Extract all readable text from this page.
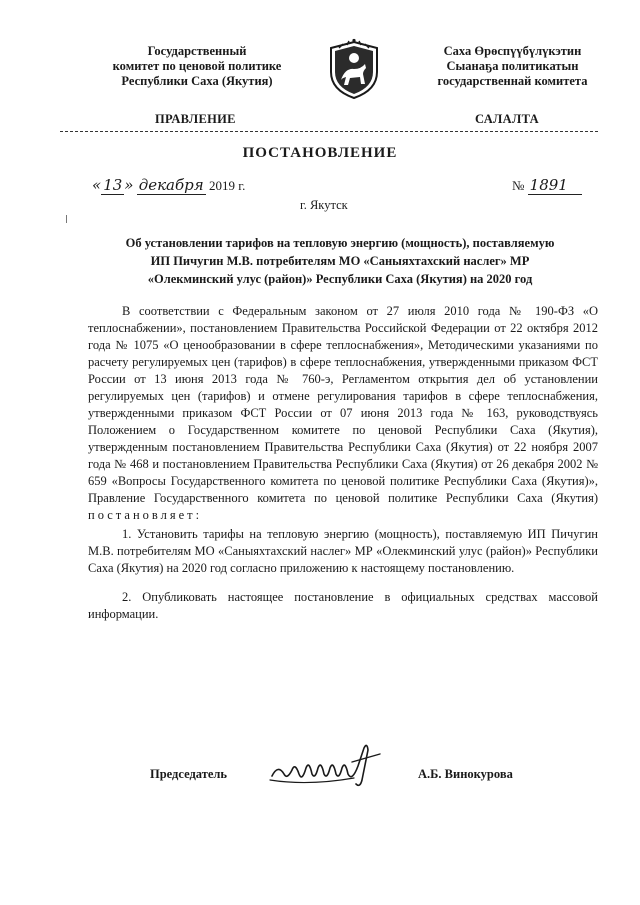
Государственный
комитет по ценовой политике
Республики Саха (Якутия)
Саха Өрөспүүбүлүкэтин
Сыанаҕа политикатын
государственнай комитета
ПРАВЛЕНИЕ	САЛАЛТА
ПОСТАНОВЛЕНИЕ
« 13 » декабря 2019 г.	№ 1891
г. Якутск
Об установлении тарифов на тепловую энергию (мощность), поставляемую
ИП Пичугин М.В. потребителям МО «Саныяхтахский наслег» МР
«Олекминский улус (район)» Республики Саха (Якутия) на 2020 год

В соответствии с Федеральным законом от 27 июля 2010 года № 190-ФЗ «О теплоснабжении», постановлением Правительства Российской Федерации от 22 октября 2012 года № 1075 «О ценообразовании в сфере теплоснабжения», Методическими указаниями по расчету регулируемых цен (тарифов) в сфере теплоснабжения, утвержденными приказом ФСТ России от 13 июня 2013 года № 760-э, Регламентом открытия дел об установлении регулируемых цен (тарифов) и отмене регулирования тарифов в сфере теплоснабжения, утвержденными приказом ФСТ России от 07 июня 2013 года № 163, руководствуясь Положением о Государственном комитете по ценовой Республики Саха (Якутия), утвержденным постановлением Правительства Республики Саха (Якутия) от 22 ноября 2007 года № 468 и постановлением Правительства Республики Саха (Якутия) от 26 декабря 2002 № 659 «Вопросы Государственного комитета по ценовой политике Республики Саха (Якутия)», Правление Государственного комитета по ценовой политике Республики Саха (Якутия) постановляет:

1. Установить тарифы на тепловую энергию (мощность), поставляемую ИП Пичугин М.В. потребителям МО «Саныяхтахский наслег» МР «Олекминский улус (район)» Республики Саха (Якутия) на 2020 год согласно приложению к настоящему постановлению.

2. Опубликовать настоящее постановление в официальных средствах массовой информации.

Председатель	А.Б. Винокурова
